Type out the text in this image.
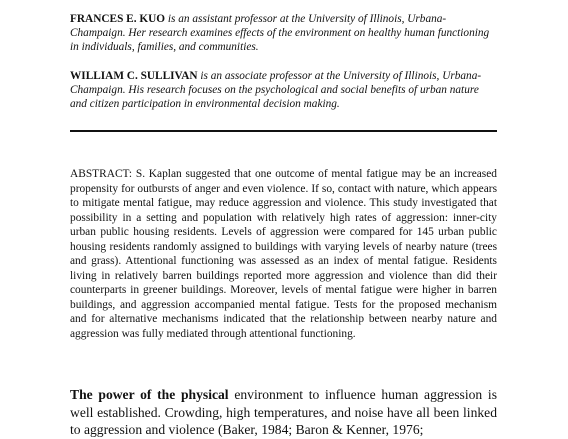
FRANCES E. KUO is an assistant professor at the University of Illinois, Urbana-Champaign. Her research examines effects of the environment on healthy human functioning in individuals, families, and communities.

WILLIAM C. SULLIVAN is an associate professor at the University of Illinois, Urbana-Champaign. His research focuses on the psychological and social benefits of urban nature and citizen participation in environmental decision making.

ABSTRACT: S. Kaplan suggested that one outcome of mental fatigue may be an increased propensity for outbursts of anger and even violence. If so, contact with nature, which appears to mitigate mental fatigue, may reduce aggression and violence. This study investigated that possibility in a setting and population with relatively high rates of aggression: inner-city urban public housing residents. Levels of aggression were compared for 145 urban public housing residents randomly assigned to buildings with varying levels of nearby nature (trees and grass). Attentional functioning was assessed as an index of mental fatigue. Residents living in relatively barren buildings reported more aggression and violence than did their counterparts in greener buildings. Moreover, levels of mental fatigue were higher in barren buildings, and aggression accompanied mental fatigue. Tests for the proposed mechanism and for alternative mechanisms indicated that the relationship between nearby nature and aggression was fully mediated through attentional functioning.

The power of the physical environment to influence human aggression is well established. Crowding, high temperatures, and noise have all been linked to aggression and violence (Baker, 1984; Baron & Kenner, 1976;
